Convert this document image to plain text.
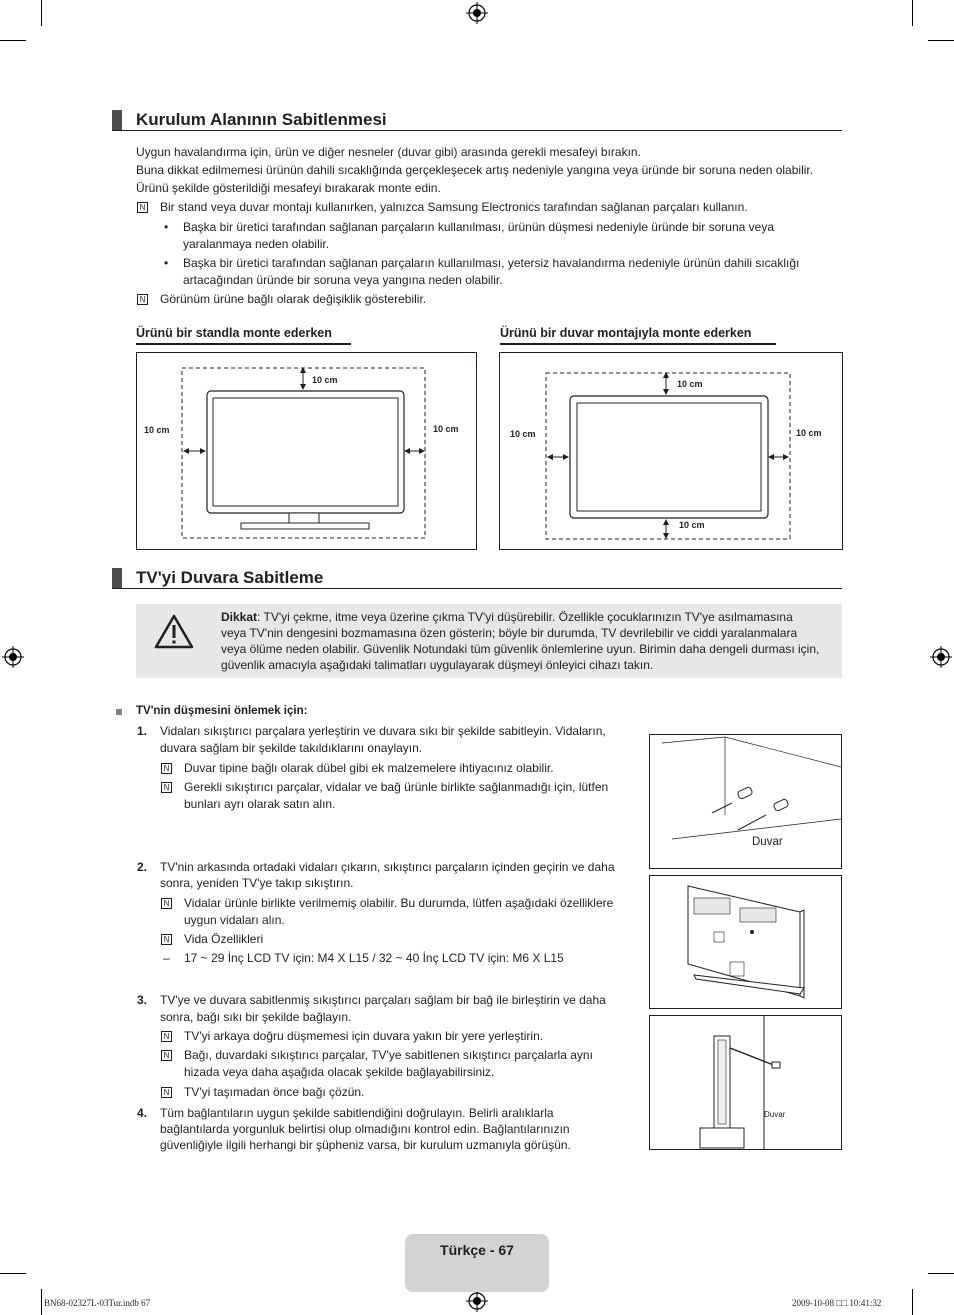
Kurulum Alanının Sabitlenmesi
Uygun havalandırma için, ürün ve diğer nesneler (duvar gibi) arasında gerekli mesafeyi bırakın.
Buna dikkat edilmemesi ürünün dahili sıcaklığında gerçekleşecek artış nedeniyle yangına veya üründe bir soruna neden olabilir.
Ürünü şekilde gösterildiği mesafeyi bırakarak monte edin.
N Bir stand veya duvar montajı kullanırken, yalnızca Samsung Electronics tarafından sağlanan parçaları kullanın.
• Başka bir üretici tarafından sağlanan parçaların kullanılması, ürünün düşmesi nedeniyle üründe bir soruna veya
yaralanmaya neden olabilir.
• Başka bir üretici tarafından sağlanan parçaların kullanılması, yetersiz havalandırma nedeniyle ürünün dahili sıcaklığı
artacağından üründe bir soruna veya yangına neden olabilir.
N Görünüm ürüne bağlı olarak değişiklik gösterebilir.
Ürünü bir standla monte ederken	Ürünü bir duvar montajıyla monte ederken
10 cm
10 cm	10 cm
10 cm
10 cm	10 cm
10 cm
TV'yi Duvara Sabitleme
Dikkat: TV'yi çekme, itme veya üzerine çıkma TV'yi düşürebilir. Özellikle çocuklarınızın TV'ye asılmamasına
veya TV'nin dengesini bozmamasına özen gösterin; böyle bir durumda, TV devrilebilir ve ciddi yaralanmalara
veya ölüme neden olabilir. Güvenlik Notundaki tüm güvenlik önlemlerine uyun. Birimin daha dengeli durması için,
güvenlik amacıyla aşağıdaki talimatları uygulayarak düşmeyi önleyici cihazı takın.
TV'nin düşmesini önlemek için:
1. Vidaları sıkıştırıcı parçalara yerleştirin ve duvara sıkı bir şekilde sabitleyin. Vidaların,
duvara sağlam bir şekilde takıldıklarını onaylayın.
N Duvar tipine bağlı olarak dübel gibi ek malzemelere ihtiyacınız olabilir.
N Gerekli sıkıştırıcı parçalar, vidalar ve bağ ürünle birlikte sağlanmadığı için, lütfen
bunları ayrı olarak satın alın.
2. TV'nin arkasında ortadaki vidaları çıkarın, sıkıştırıcı parçaların içinden geçirin ve daha
sonra, yeniden TV'ye takıp sıkıştırın.
N Vidalar ürünle birlikte verilmemiş olabilir. Bu durumda, lütfen aşağıdaki özelliklere
uygun vidaları alın.
N Vida Özellikleri
– 17 ~ 29 İnç LCD TV için: M4 X L15 / 32 ~ 40 İnç LCD TV için: M6 X L15
3. TV'ye ve duvara sabitlenmiş sıkıştırıcı parçaları sağlam bir bağ ile birleştirin ve daha
sonra, bağı sıkı bir şekilde bağlayın.
N TV'yi arkaya doğru düşmemesi için duvara yakın bir yere yerleştirin.
N Bağı, duvardaki sıkıştırıcı parçalar, TV'ye sabitlenen sıkıştırıcı parçalarla aynı
hizada veya daha aşağıda olacak şekilde bağlayabilirsiniz.
N TV'yi taşımadan önce bağı çözün.
4. Tüm bağlantıların uygun şekilde sabitlendiğini doğrulayın. Belirli aralıklarla
bağlantılarda yorgunluk belirtisi olup olmadığını kontrol edin. Bağlantılarınızın
güvenliğiyle ilgili herhangi bir şüpheniz varsa, bir kurulum uzmanıyla görüşün.
Duvar
Duvar
Türkçe - 67
BN68-02327L-03Tur.indb 67	2009-10-08 □□ 10:41:32
